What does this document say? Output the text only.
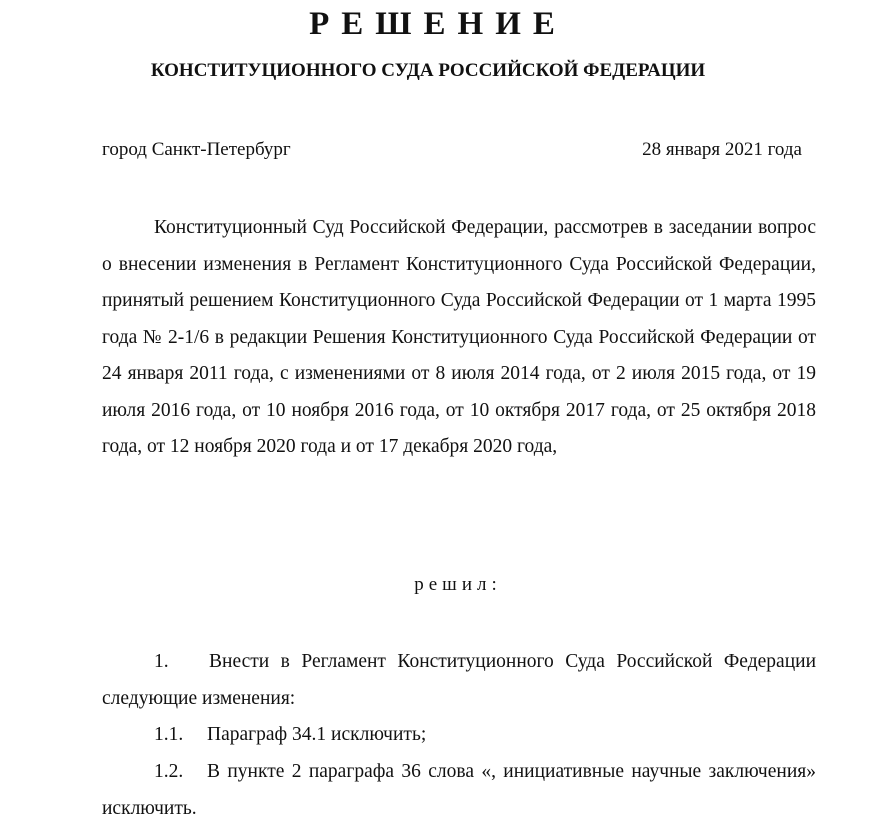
РЕШЕНИЕ
КОНСТИТУЦИОННОГО СУДА РОССИЙСКОЙ ФЕДЕРАЦИИ
город Санкт-Петербург	28 января 2021 года

Конституционный Суд Российской Федерации, рассмотрев в заседании вопрос о внесении изменения в Регламент Конституционного Суда Российской Федерации, принятый решением Конституционного Суда Российской Федерации от 1 марта 1995 года № 2-1/6 в редакции Решения Конституционного Суда Российской Федерации от 24 января 2011 года, с изменениями от 8 июля 2014 года, от 2 июля 2015 года, от 19 июля 2016 года, от 10 ноября 2016 года, от 10 октября 2017 года, от 25 октября 2018 года, от 12 ноября 2020 года и от 17 декабря 2020 года,

решил:

1. Внести в Регламент Конституционного Суда Российской Федерации следующие изменения:

1.1. Параграф 34.1 исключить;

1.2. В пункте 2 параграфа 36 слова «, инициативные научные заключения» исключить.
